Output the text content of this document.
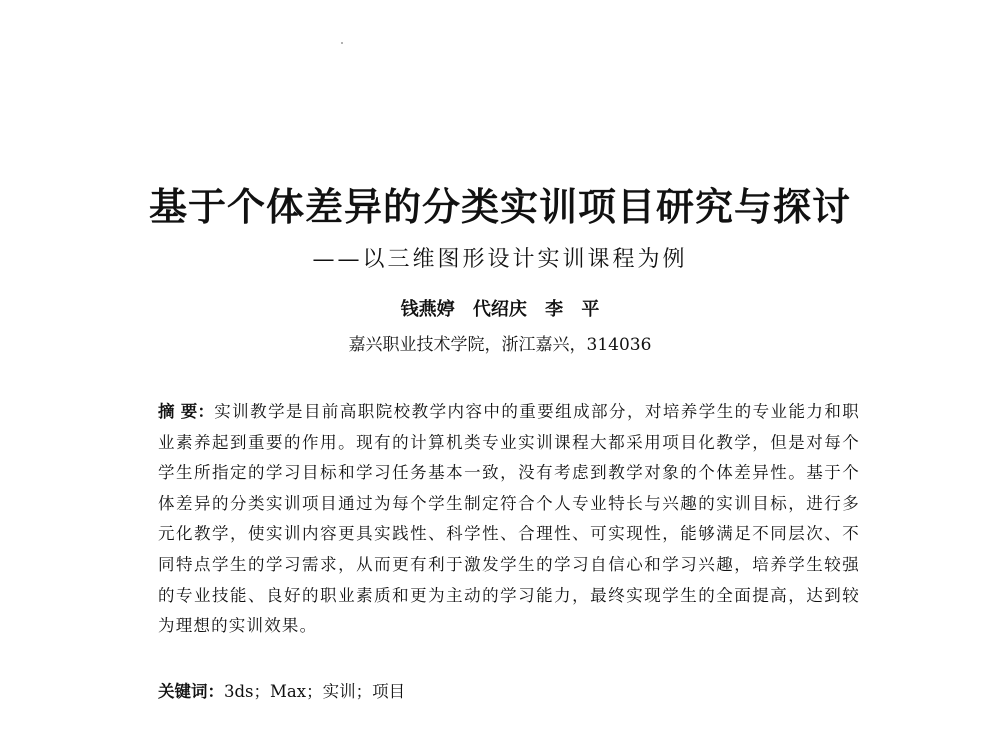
基于个体差异的分类实训项目研究与探讨
——以三维图形设计实训课程为例
钱燕婷 代绍庆 李 平
嘉兴职业技术学院，浙江嘉兴，314036
摘 要：实训教学是目前高职院校教学内容中的重要组成部分，对培养学生的专业能力和职业素养起到重要的作用。现有的计算机类专业实训课程大都采用项目化教学，但是对每个学生所指定的学习目标和学习任务基本一致，没有考虑到教学对象的个体差异性。基于个体差异的分类实训项目通过为每个学生制定符合个人专业特长与兴趣的实训目标，进行多元化教学，使实训内容更具实践性、科学性、合理性、可实现性，能够满足不同层次、不同特点学生的学习需求，从而更有利于激发学生的学习自信心和学习兴趣，培养学生较强的专业技能、良好的职业素质和更为主动的学习能力，最终实现学生的全面提高，达到较为理想的实训效果。
关键词：3ds；Max；实训；项目
